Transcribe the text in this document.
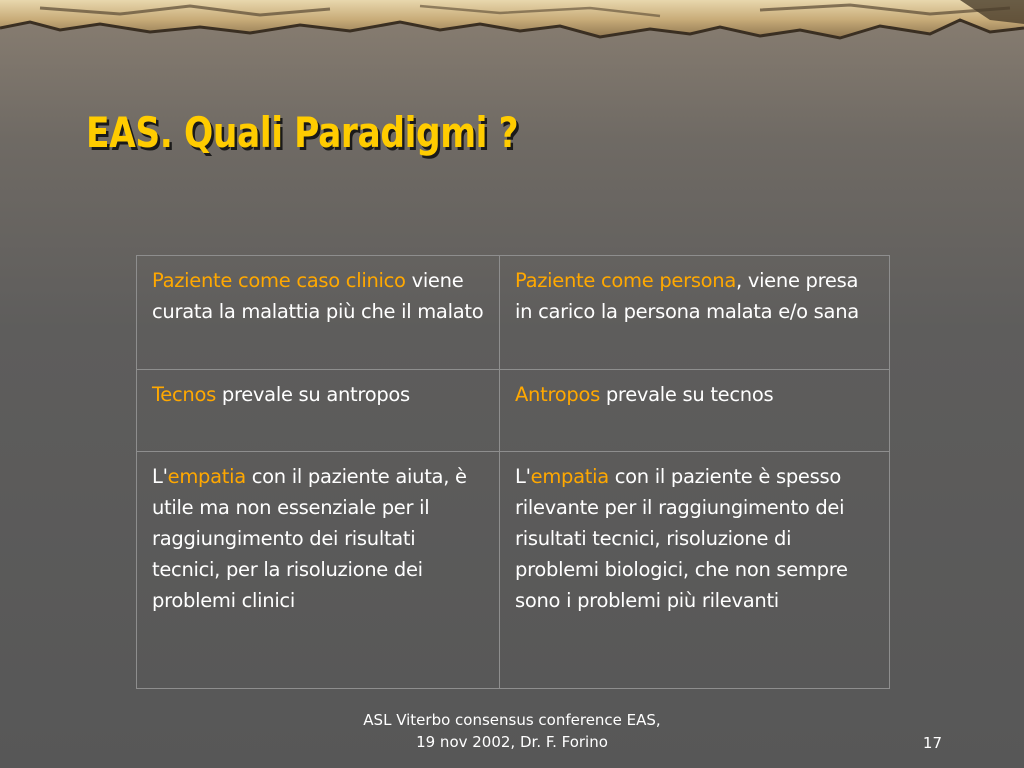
EAS. Quali Paradigmi ?
Paziente come caso clinico viene curata la malattia più che il malato	Paziente come persona, viene presa in carico la persona malata e/o sana
Tecnos prevale su antropos	Antropos prevale su tecnos
L'empatia con il paziente aiuta, è utile ma non essenziale per il raggiungimento dei risultati tecnici, per la risoluzione dei problemi clinici	L'empatia con il paziente è spesso rilevante per il raggiungimento dei risultati tecnici, risoluzione di problemi biologici, che non sempre sono i problemi più rilevanti
ASL Viterbo consensus conference EAS,
19 nov 2002, Dr. F. Forino	17
